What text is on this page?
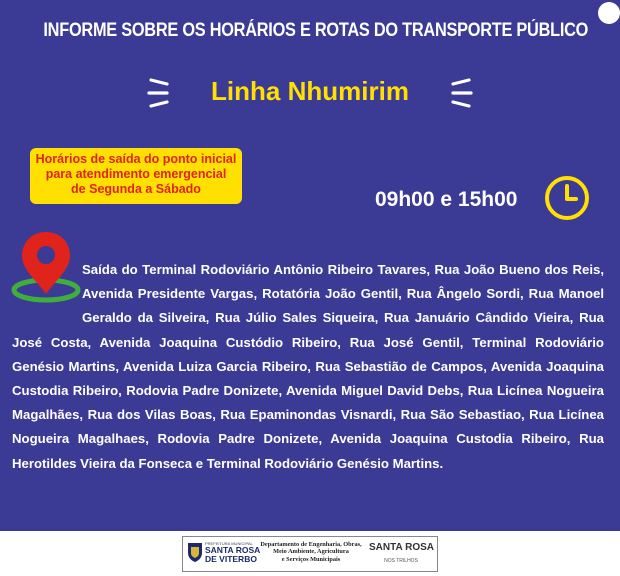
INFORME SOBRE OS HORÁRIOS E ROTAS DO TRANSPORTE PÚBLICO
Linha Nhumirim
Horários de saída do ponto inicial
para atendimento emergencial
de Segunda a Sábado	09h00 e 15h00
Saída do Terminal Rodoviário Antônio Ribeiro Tavares, Rua João Bueno dos Reis, Avenida Presidente Vargas, Rotatória João Gentil, Rua Ângelo Sordi, Rua Manoel Geraldo da Silveira, Rua Júlio Sales Siqueira, Rua Januário Cândido Vieira, Rua José Costa, Avenida Joaquina Custódio Ribeiro, Rua José Gentil, Terminal Rodoviário Genésio Martins, Avenida Luiza Garcia Ribeiro, Rua Sebastião de Campos, Avenida Joaquina Custodia Ribeiro, Rodovia Padre Donizete, Avenida Miguel David Debs, Rua Licínea Nogueira Magalhães, Rua dos Vilas Boas, Rua Epaminondas Visnardi, Rua São Sebastiao, Rua Licínea Nogueira Magalhaes, Rodovia Padre Donizete, Avenida Joaquina Custodia Ribeiro, Rua Herotildes Vieira da Fonseca e Terminal Rodoviário Genésio Martins.
PREFEITURA MUNICIPAL
SANTA ROSA
DE VITERBO
Departamento de Engenharia, Obras,
Meio Ambiente, Agricultura
e Serviços Municipais
SANTA ROSA
NOS TRILHOS
